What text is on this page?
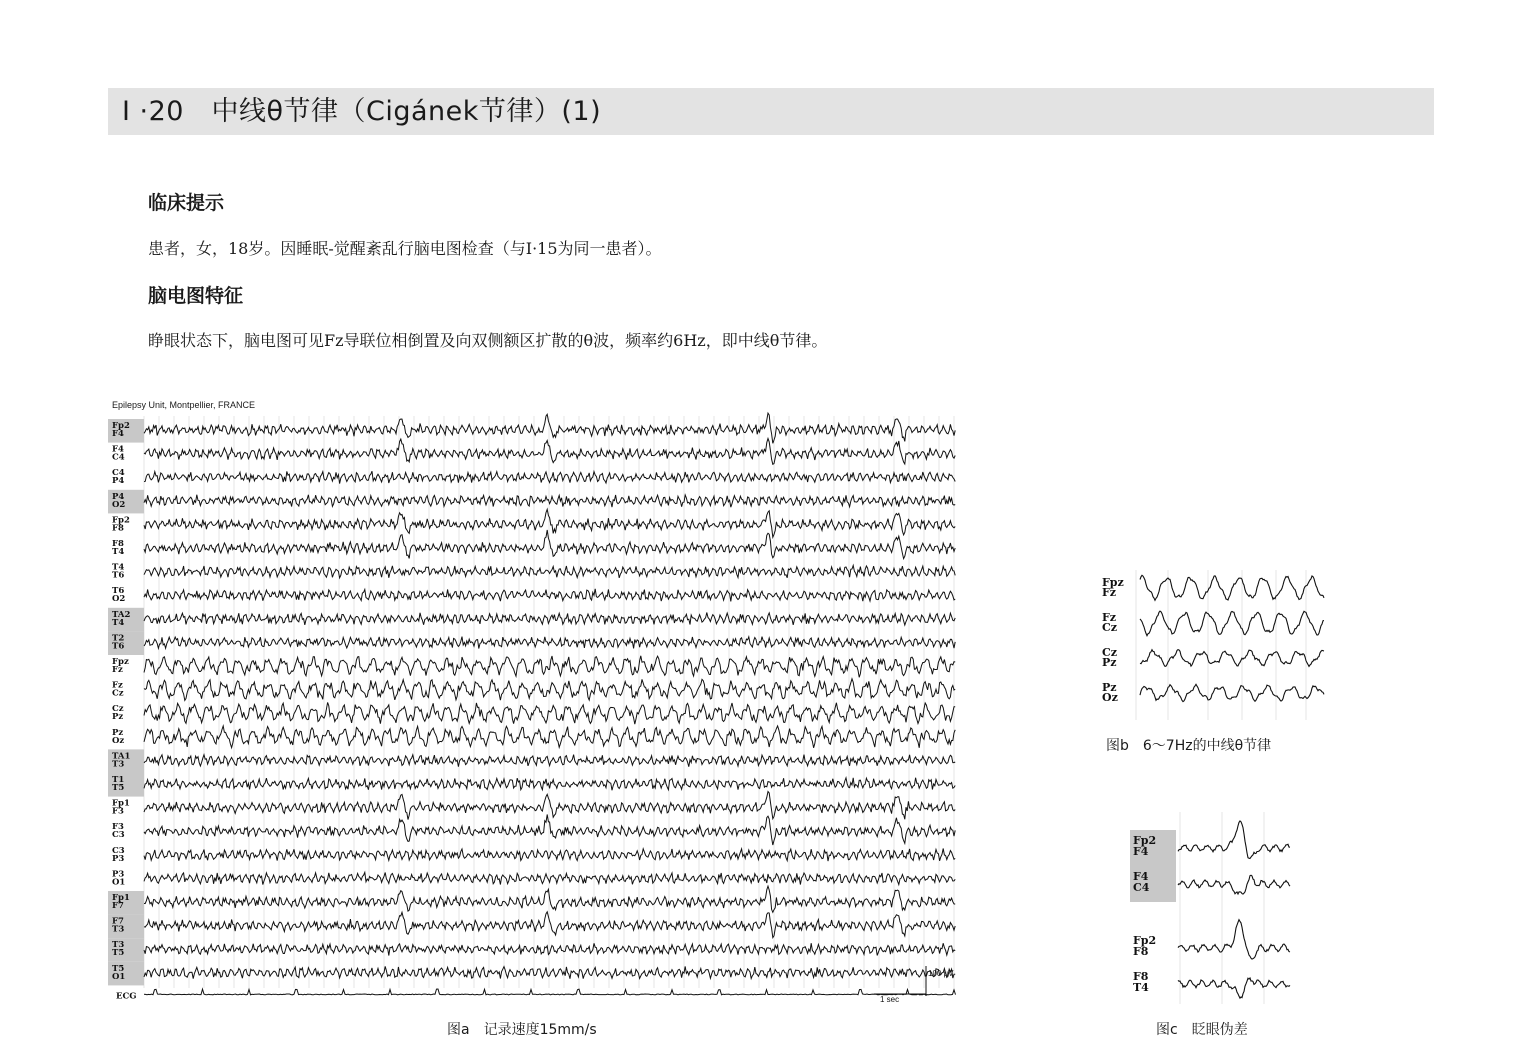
Ⅰ ·20　中线θ节律（Cigánek节律）(1)
临床提示
患者，女，18岁。因睡眠-觉醒紊乱行脑电图检查（与Ⅰ·15为同一患者）。
脑电图特征
睁眼状态下，脑电图可见Fz导联位相倒置及向双侧额区扩散的θ波，频率约6Hz，即中线θ节律。
Fp2
F4
F4
C4
C4
P4
P4
O2
Fp2
F8
F8
T4
T4
T6
T6
O2
TA2
T4
T2
T6
Fpz
Fz
Fz
Cz
Cz
Pz
Pz
Oz
TA1
T3
T1
T5
Fp1
F3
F3
C3
C3
P3
P3
O1
Fp1
F7
F7
T3
T3
T5
T5
O1
ECG
100 µV
1 sec
Epilepsy Unit, Montpellier, FRANCE
图a 记录速度15mm/s
Fpz
Fz
Fz
Cz
Cz
Pz
Pz
Oz
图b 6～7Hz的中线θ节律
Fp2
F4
F4
C4
Fp2
F8
F8
T4
图c 眨眼伪差
